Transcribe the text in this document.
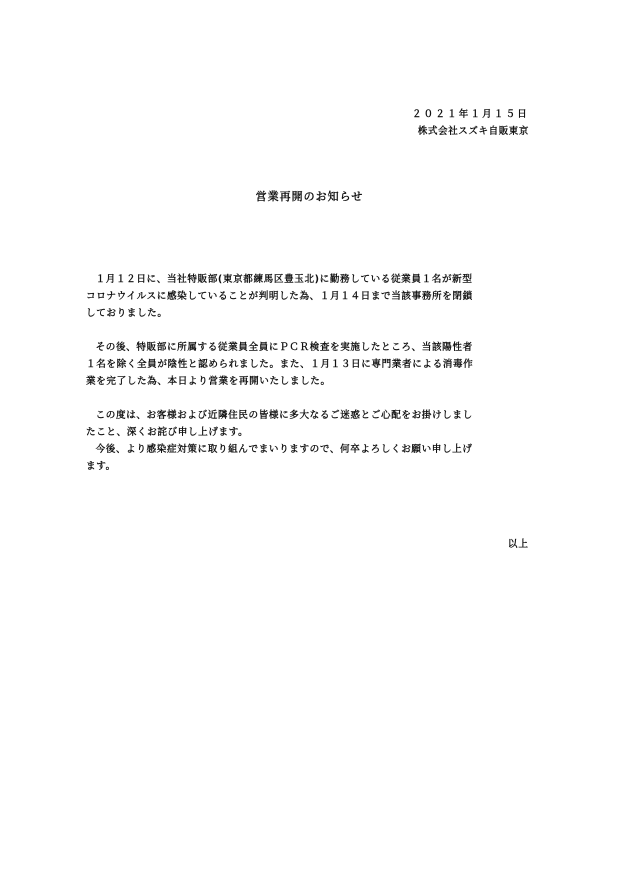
２０２１年１月１５日
株式会社スズキ自販東京
営業再開のお知らせ

１月１２日に、当社特販部(東京都練馬区豊玉北)に勤務している従業員１名が新型
コロナウイルスに感染していることが判明した為、１月１４日まで当該事務所を閉鎖
しておりました。

その後、特販部に所属する従業員全員にＰＣＲ検査を実施したところ、当該陽性者
１名を除く全員が陰性と認められました。また、１月１３日に専門業者による消毒作
業を完了した為、本日より営業を再開いたしました。

この度は、お客様および近隣住民の皆様に多大なるご迷惑とご心配をお掛けしまし
たこと、深くお詫び申し上げます。

今後、より感染症対策に取り組んでまいりますので、何卒よろしくお願い申し上げ
ます。

以上
